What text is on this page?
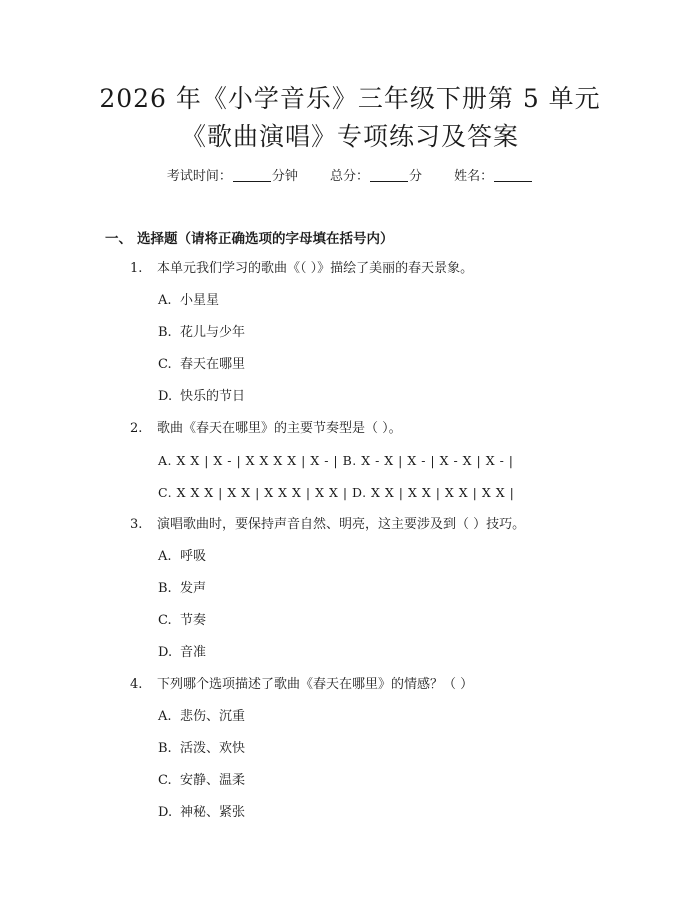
2026 年《小学音乐》三年级下册第 5 单元
《歌曲演唱》专项练习及答案
考试时间：	分钟 总分：	分 姓名：
一、 选择题（请将正确选项的字母填在括号内）
1. 本单元我们学习的歌曲《（ ）》描绘了美丽的春天景象。
A. 小星星
B. 花儿与少年
C. 春天在哪里
D. 快乐的节日
2. 歌曲《春天在哪里》的主要节奏型是（ ）。
A. X X | X - | X X X X | X - | B. X - X | X - | X - X | X - |
C. X X X | X X | X X X | X X | D. X X | X X | X X | X X |
3. 演唱歌曲时，要保持声音自然、明亮，这主要涉及到（ ）技巧。
A. 呼吸
B. 发声
C. 节奏
D. 音准
4. 下列哪个选项描述了歌曲《春天在哪里》的情感？（ ）
A. 悲伤、沉重
B. 活泼、欢快
C. 安静、温柔
D. 神秘、紧张
